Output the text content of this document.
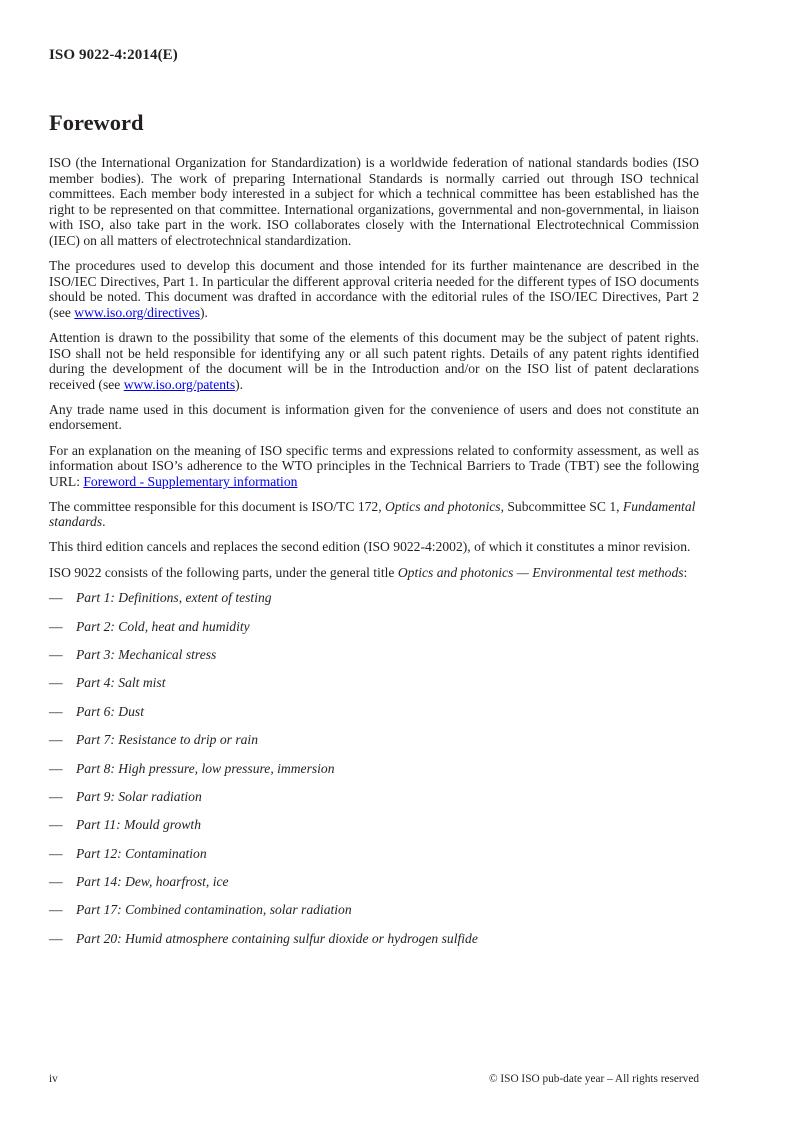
ISO 9022-4:2014(E)
Foreword

ISO (the International Organization for Standardization) is a worldwide federation of national standards bodies (ISO member bodies). The work of preparing International Standards is normally carried out through ISO technical committees. Each member body interested in a subject for which a technical committee has been established has the right to be represented on that committee. International organizations, governmental and non-governmental, in liaison with ISO, also take part in the work. ISO collaborates closely with the International Electrotechnical Commission (IEC) on all matters of electrotechnical standardization.

The procedures used to develop this document and those intended for its further maintenance are described in the ISO/IEC Directives, Part 1. In particular the different approval criteria needed for the different types of ISO documents should be noted. This document was drafted in accordance with the editorial rules of the ISO/IEC Directives, Part 2 (see www.iso.org/directives).

Attention is drawn to the possibility that some of the elements of this document may be the subject of patent rights. ISO shall not be held responsible for identifying any or all such patent rights. Details of any patent rights identified during the development of the document will be in the Introduction and/or on the ISO list of patent declarations received (see www.iso.org/patents).

Any trade name used in this document is information given for the convenience of users and does not constitute an endorsement.

For an explanation on the meaning of ISO specific terms and expressions related to conformity assessment, as well as information about ISO’s adherence to the WTO principles in the Technical Barriers to Trade (TBT) see the following URL: Foreword - Supplementary information

The committee responsible for this document is ISO/TC 172, Optics and photonics, Subcommittee SC 1, Fundamental standards.

This third edition cancels and replaces the second edition (ISO 9022-4:2002), of which it constitutes a minor revision.

ISO 9022 consists of the following parts, under the general title Optics and photonics — Environmental test methods:

— Part 1: Definitions, extent of testing
— Part 2: Cold, heat and humidity
— Part 3: Mechanical stress
— Part 4: Salt mist
— Part 6: Dust
— Part 7: Resistance to drip or rain
— Part 8: High pressure, low pressure, immersion
— Part 9: Solar radiation
— Part 11: Mould growth
— Part 12: Contamination
— Part 14: Dew, hoarfrost, ice
— Part 17: Combined contamination, solar radiation
— Part 20: Humid atmosphere containing sulfur dioxide or hydrogen sulfide
iv	© ISO ISO pub-date year – All rights reserved
